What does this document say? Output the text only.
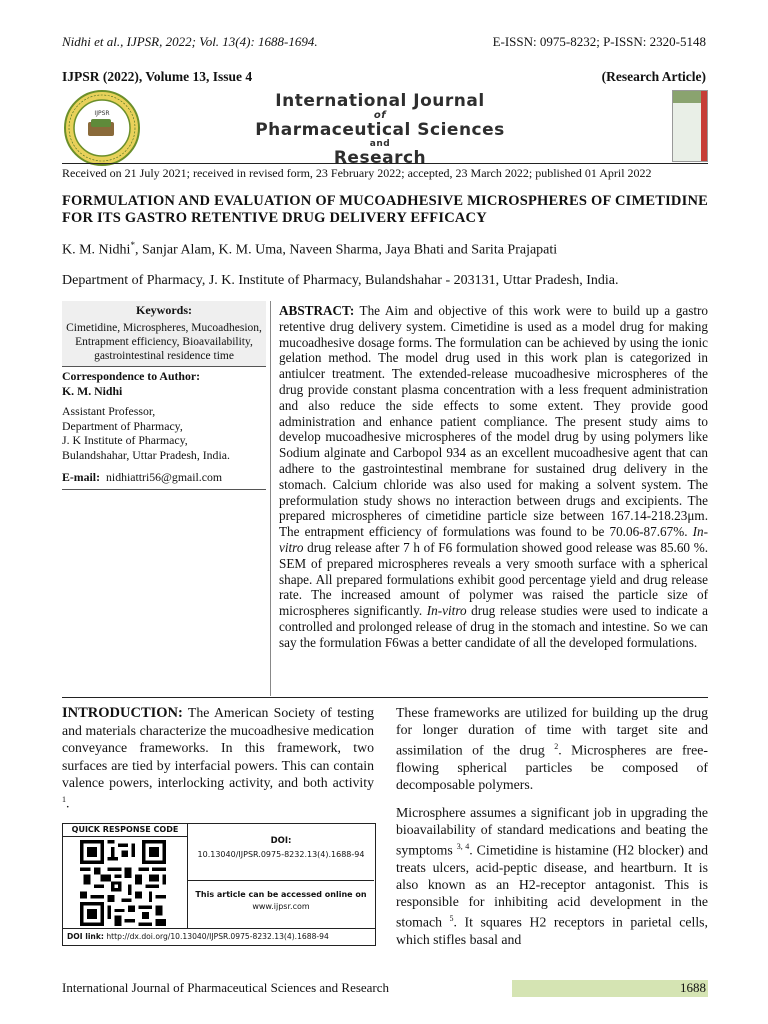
Nidhi et al., IJPSR, 2022; Vol. 13(4): 1688-1694.	E-ISSN: 0975-8232; P-ISSN: 2320-5148
IJPSR (2022), Volume 13, Issue 4	(Research Article)
IJPSR
International Journal
of
Pharmaceutical Sciences
and
Research
Received on 21 July 2021; received in revised form, 23 February 2022; accepted, 23 March 2022; published 01 April 2022
FORMULATION AND EVALUATION OF MUCOADHESIVE MICROSPHERES OF CIMETIDINE FOR ITS GASTRO RETENTIVE DRUG DELIVERY EFFICACY
K. M. Nidhi*, Sanjar Alam, K. M. Uma, Naveen Sharma, Jaya Bhati and Sarita Prajapati
Department of Pharmacy, J. K. Institute of Pharmacy, Bulandshahar - 203131, Uttar Pradesh, India.
Keywords:
Cimetidine, Microspheres, Mucoadhesion, Entrapment efficiency, Bioavailability, gastrointestinal residence time
Correspondence to Author:
K. M. Nidhi
Assistant Professor,
Department of Pharmacy,
J. K Institute of Pharmacy,
Bulandshahar, Uttar Pradesh, India.
E-mail: nidhiattri56@gmail.com
ABSTRACT: The Aim and objective of this work were to build up a gastro retentive drug delivery system. Cimetidine is used as a model drug for making mucoadhesive dosage forms. The formulation can be achieved by using the ionic gelation method. The model drug used in this work plan is categorized in antiulcer treatment. The extended-release mucoadhesive microspheres of the drug provide constant plasma concentration with a less frequent administration and also reduce the side effects to some extent. They provide good administration and enhance patient compliance. The present study aims to develop mucoadhesive microspheres of the model drug by using polymers like Sodium alginate and Carbopol 934 as an excellent mucoadhesive agent that can adhere to the gastrointestinal membrane for sustained drug delivery in the stomach. Calcium chloride was also used for making a solvent system. The preformulation study shows no interaction between drugs and excipients. The prepared microspheres of cimetidine particle size between 167.14-218.23μm. The entrapment efficiency of formulations was found to be 70.06-87.67%. In-vitro drug release after 7 h of F6 formulation showed good release was 85.60 %. SEM of prepared microspheres reveals a very smooth surface with a spherical shape. All prepared formulations exhibit good percentage yield and drug release rate. The increased amount of polymer was raised the particle size of microspheres significantly. In-vitro drug release studies were used to indicate a controlled and prolonged release of drug in the stomach and intestine. So we can say the formulation F6was a better candidate of all the developed formulations.
INTRODUCTION: The American Society of testing and materials characterize the mucoadhesive medication conveyance frameworks. In this framework, two surfaces are tied by interfacial powers. This can contain valence powers, interlocking activity, and both activity $^1$.

These frameworks are utilized for building up the drug for longer duration of time with target site and assimilation of the drug $^2$. Microspheres are free-flowing spherical particles be composed of decomposable polymers.

Microsphere assumes a significant job in upgrading the bioavailability of standard medications and beating the symptoms $^{3, 4}$. Cimetidine is histamine (H2 blocker) and treats ulcers, acid-peptic disease, and heartburn. It is also known as an H2-receptor antagonist. This is responsible for inhibiting acid development in the stomach $^5$. It squares H2 receptors in parietal cells, which stifles basal and

QUICK RESPONSE CODE
DOI:
10.13040/IJPSR.0975-8232.13(4).1688-94
This article can be accessed online on
www.ijpsr.com
DOI link: http://dx.doi.org/10.13040/IJPSR.0975-8232.13(4).1688-94
International Journal of Pharmaceutical Sciences and Research	1688
